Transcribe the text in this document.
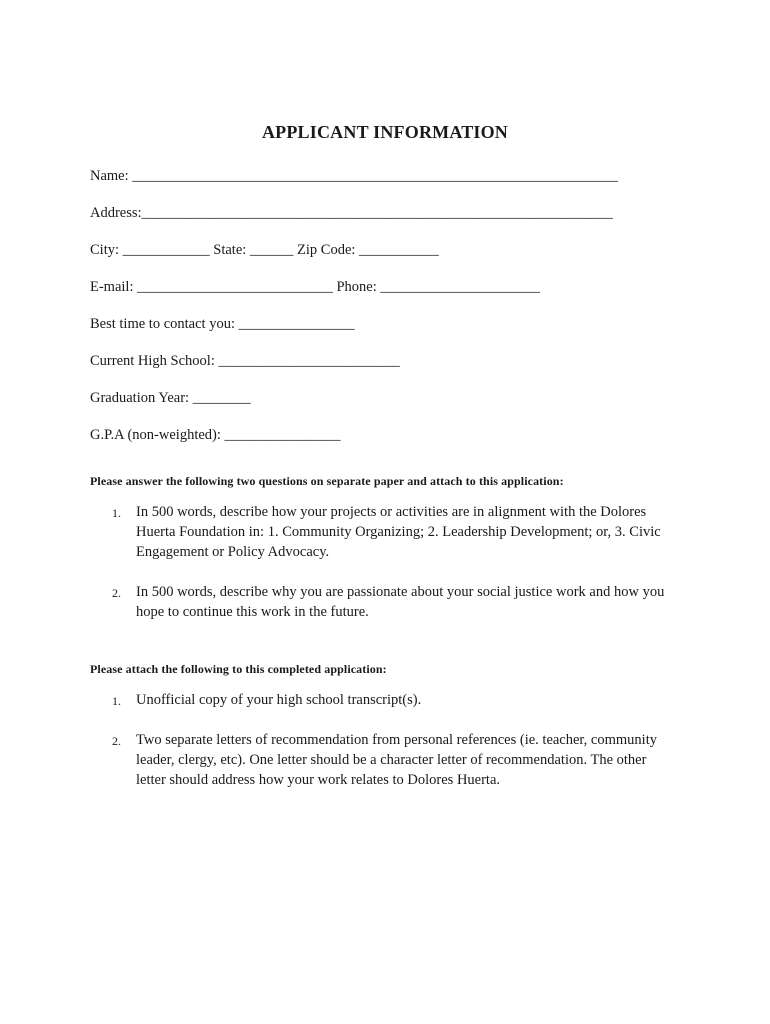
APPLICANT INFORMATION
Name: ___________________________________________________________________
Address:_________________________________________________________________
City: ____________ State: ______ Zip Code: ___________
E-mail: ___________________________ Phone: ______________________
Best time to contact you: ________________
Current High School: _________________________
Graduation Year: ________
G.P.A (non-weighted): ________________
Please answer the following two questions on separate paper and attach to this application:
1.	In 500 words, describe how your projects or activities are in alignment with the Dolores Huerta Foundation in: 1. Community Organizing; 2. Leadership Development; or, 3. Civic Engagement or Policy Advocacy.
2.	In 500 words, describe why you are passionate about your social justice work and how you hope to continue this work in the future.
Please attach the following to this completed application:
1.	Unofficial copy of your high school transcript(s).
2.	Two separate letters of recommendation from personal references (ie. teacher, community leader, clergy, etc). One letter should be a character letter of recommendation. The other letter should address how your work relates to Dolores Huerta.
